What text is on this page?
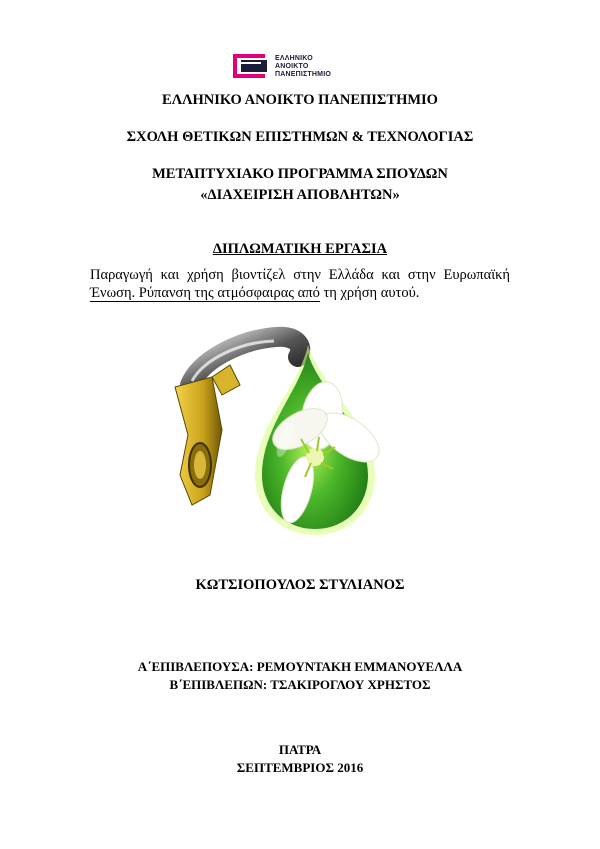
ΕΛΛΗΝΙΚΟ
ΑΝΟΙΚΤΟ
ΠΑΝΕΠΙΣΤΗΜΙΟ
ΕΛΛΗΝΙΚΟ ΑΝΟΙΚΤΟ ΠΑΝΕΠΙΣΤΗΜΙΟ
ΣΧΟΛΗ ΘΕΤΙΚΩΝ ΕΠΙΣΤΗΜΩΝ & ΤΕΧΝΟΛΟΓΙΑΣ
ΜΕΤΑΠΤΥΧΙΑΚΟ ΠΡΟΓΡΑΜΜΑ ΣΠΟΥΔΩΝ
«ΔΙΑΧΕΙΡΙΣΗ ΑΠΟΒΛΗΤΩΝ»
ΔΙΠΛΩΜΑΤΙΚΗ ΕΡΓΑΣΙΑ
Παραγωγή και χρήση βιοντίζελ στην Ελλάδα και στην Ευρωπαϊκή Ένωση. Ρύπανση της ατμόσφαιρας από τη χρήση αυτού.
ΚΩΤΣΙΟΠΟΥΛΟΣ ΣΤΥΛΙΑΝΟΣ
Α΄ΕΠΙΒΛΕΠΟΥΣΑ: ΡΕΜΟΥΝΤΑΚΗ ΕΜΜΑΝΟΥΕΛΛΑ
Β΄ΕΠΙΒΛΕΠΩΝ: ΤΣΑΚΙΡΟΓΛΟΥ ΧΡΗΣΤΟΣ
ΠΑΤΡΑ
ΣΕΠΤΕΜΒΡΙΟΣ 2016
